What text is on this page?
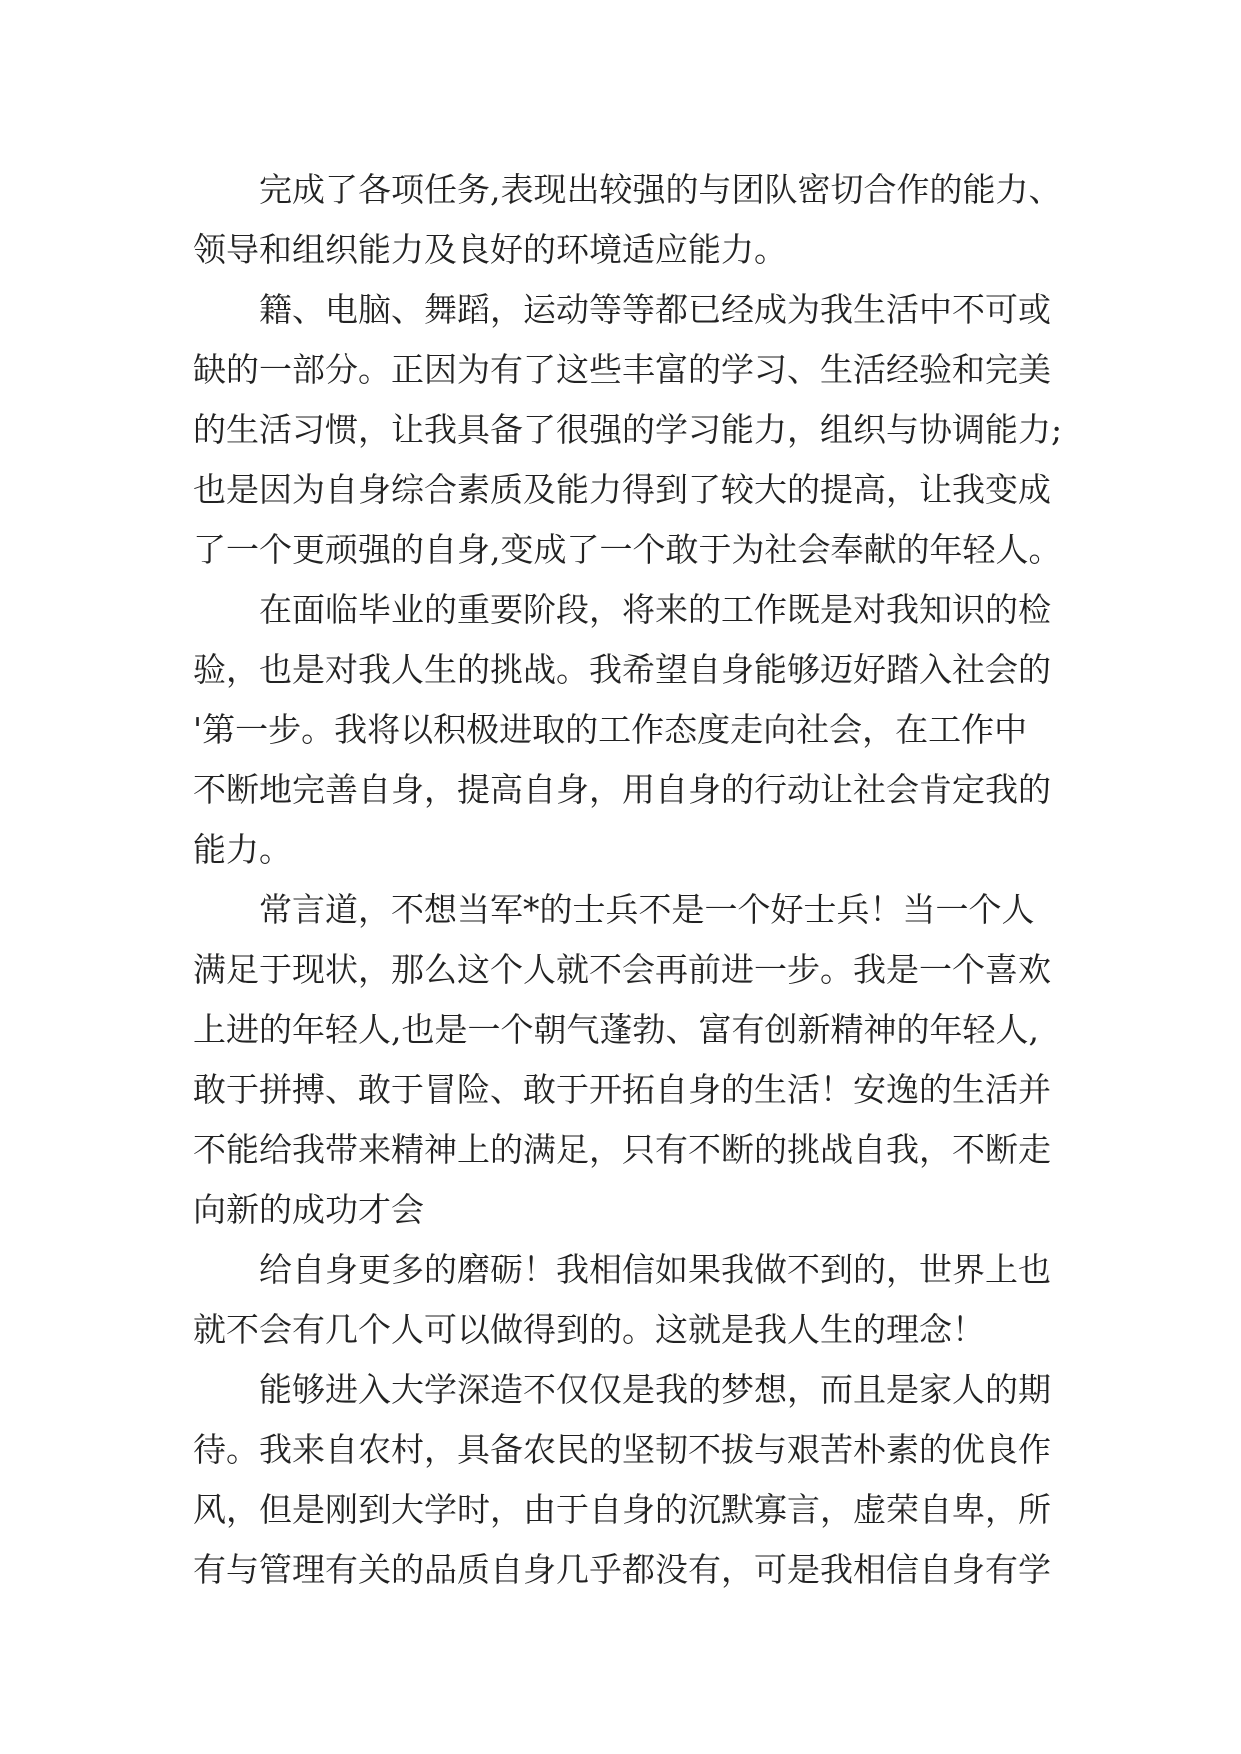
完成了各项任务,表现出较强的与团队密切合作的能力、
领导和组织能力及良好的环境适应能力。
籍、电脑、舞蹈，运动等等都已经成为我生活中不可或
缺的一部分。正因为有了这些丰富的学习、生活经验和完美
的生活习惯，让我具备了很强的学习能力，组织与协调能力;
也是因为自身综合素质及能力得到了较大的提高，让我变成
了一个更顽强的自身,变成了一个敢于为社会奉献的年轻人。
在面临毕业的重要阶段，将来的工作既是对我知识的检
验，也是对我人生的挑战。我希望自身能够迈好踏入社会的
'第一步。我将以积极进取的工作态度走向社会，在工作中
不断地完善自身，提高自身，用自身的行动让社会肯定我的
能力。
常言道，不想当军*的士兵不是一个好士兵！当一个人
满足于现状，那么这个人就不会再前进一步。我是一个喜欢
上进的年轻人,也是一个朝气蓬勃、富有创新精神的年轻人,
敢于拼搏、敢于冒险、敢于开拓自身的生活！安逸的生活并
不能给我带来精神上的满足，只有不断的挑战自我，不断走
向新的成功才会
给自身更多的磨砺！我相信如果我做不到的，世界上也
就不会有几个人可以做得到的。这就是我人生的理念！
能够进入大学深造不仅仅是我的梦想，而且是家人的期
待。我来自农村，具备农民的坚韧不拔与艰苦朴素的优良作
风，但是刚到大学时，由于自身的沉默寡言，虚荣自卑，所
有与管理有关的品质自身几乎都没有，可是我相信自身有学
